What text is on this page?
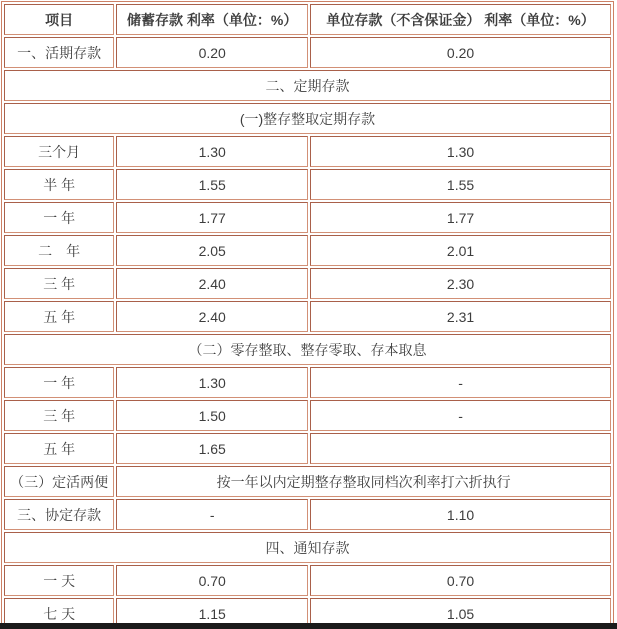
项目	储蓄存款 利率（单位：%）	单位存款（不含保证金） 利率（单位：%）
一、活期存款	0.20	0.20
二、定期存款		
(一)整存整取定期存款		
三个月	1.30	1.30
半 年	1.55	1.55
一 年	1.77	1.77
二　年	2.05	2.01
三 年	2.40	2.30
五 年	2.40	2.31
（二）零存整取、整存零取、存本取息		
一 年	1.30	-
三 年	1.50	-
五 年	1.65	
（三）定活两便	按一年以内定期整存整取同档次利率打六折执行	
三、协定存款	-	1.10
四、通知存款		
一 天	0.70	0.70
七 天	1.15	1.05
